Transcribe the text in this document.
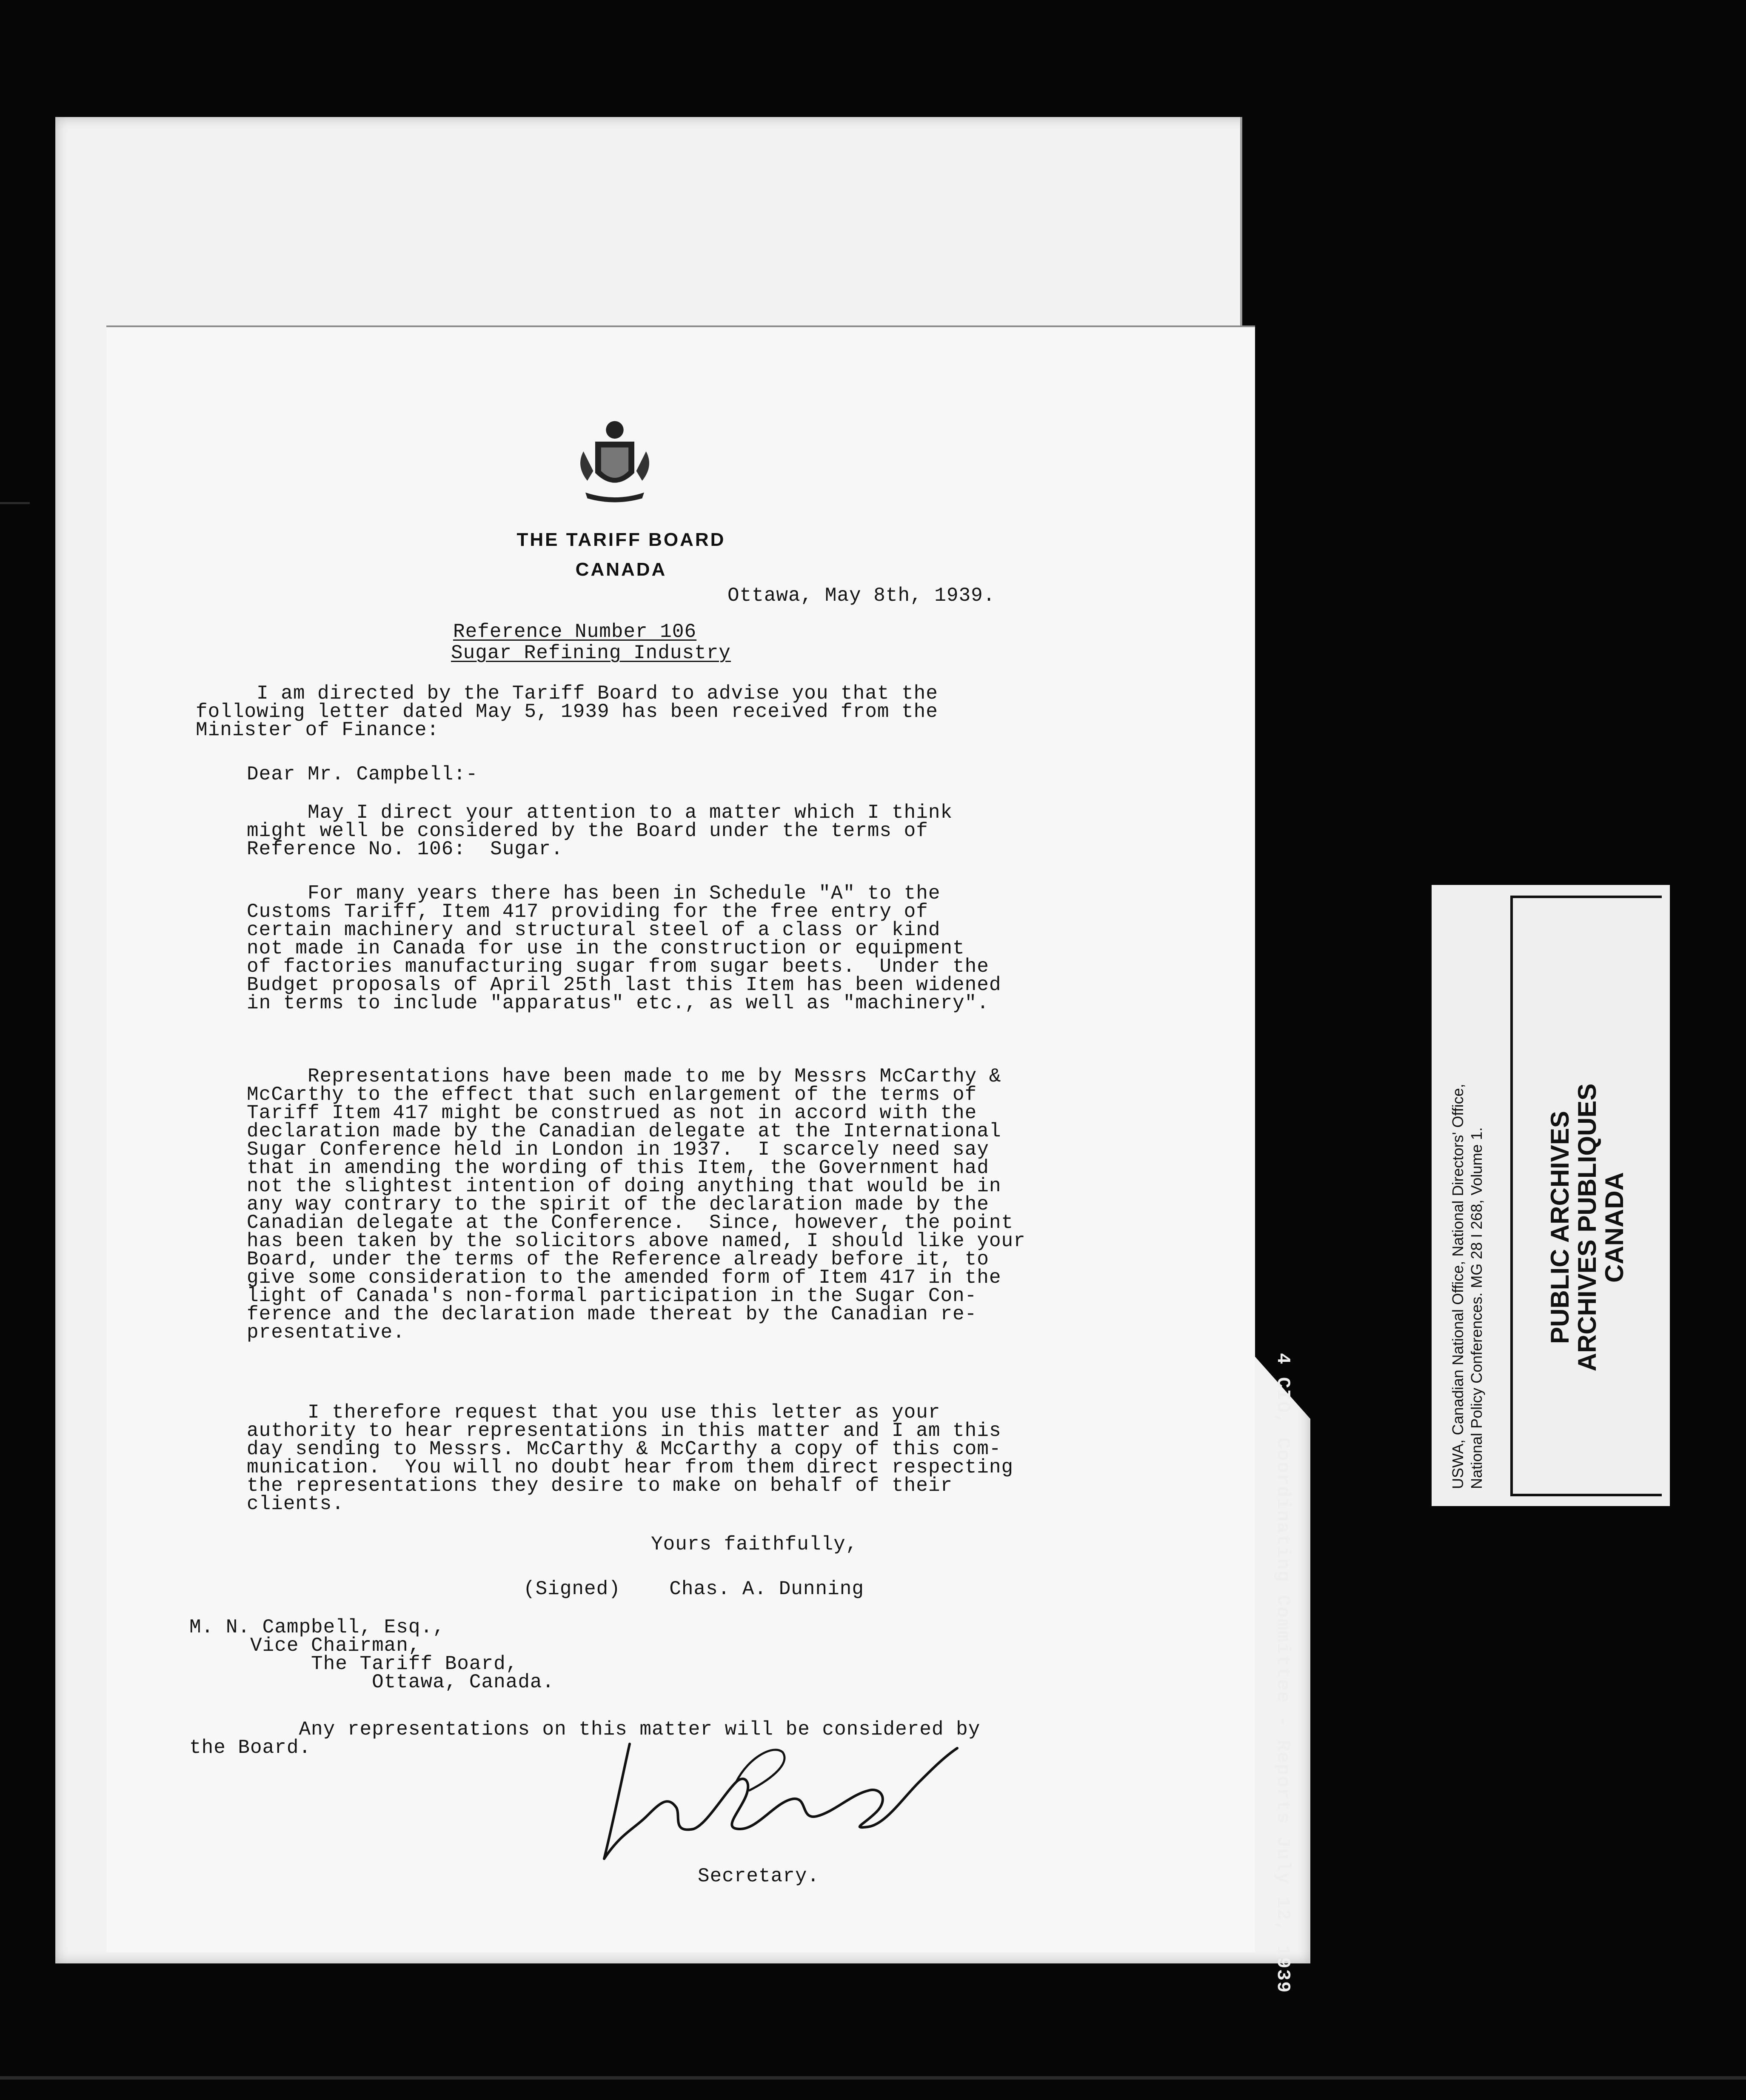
THE TARIFF BOARD
CANADA
Ottawa, May 8th, 1939.
Reference Number 106
Sugar Refining Industry
I am directed by the Tariff Board to advise you that the
following letter dated May 5, 1939 has been received from the
Minister of Finance:
Dear Mr. Campbell:-
May I direct your attention to a matter which I think
might well be considered by the Board under the terms of
Reference No. 106:  Sugar.
For many years there has been in Schedule "A" to the
Customs Tariff, Item 417 providing for the free entry of
certain machinery and structural steel of a class or kind
not made in Canada for use in the construction or equipment
of factories manufacturing sugar from sugar beets.  Under the
Budget proposals of April 25th last this Item has been widened
in terms to include "apparatus" etc., as well as "machinery".
Representations have been made to me by Messrs McCarthy &
McCarthy to the effect that such enlargement of the terms of
Tariff Item 417 might be construed as not in accord with the
declaration made by the Canadian delegate at the International
Sugar Conference held in London in 1937.  I scarcely need say
that in amending the wording of this Item, the Government had
not the slightest intention of doing anything that would be in
any way contrary to the spirit of the declaration made by the
Canadian delegate at the Conference.  Since, however, the point
has been taken by the solicitors above named, I should like your
Board, under the terms of the Reference already before it, to
give some consideration to the amended form of Item 417 in the
light of Canada's non-formal participation in the Sugar Con-
ference and the declaration made thereat by the Canadian re-
presentative.
I therefore request that you use this letter as your
authority to hear representations in this matter and I am this
day sending to Messrs. McCarthy & McCarthy a copy of this com-
munication.  You will no doubt hear from them direct respecting
the representations they desire to make on behalf of their
clients.
Yours faithfully,
(Signed)    Chas. A. Dunning
M. N. Campbell, Esq.,
Vice Chairman,
The Tariff Board,
Ottawa, Canada.
Any representations on this matter will be considered by
the Board.
Secretary.
USWA, Canadian National Office, National Directors' Office, National Policy Conferences. MG 28 I 268, Volume 1. PUBLIC ARCHIVES
ARCHIVES PUBLIQUES
CANADA
4 CIO, Coordinating Committee - Reports July 12, 1939
